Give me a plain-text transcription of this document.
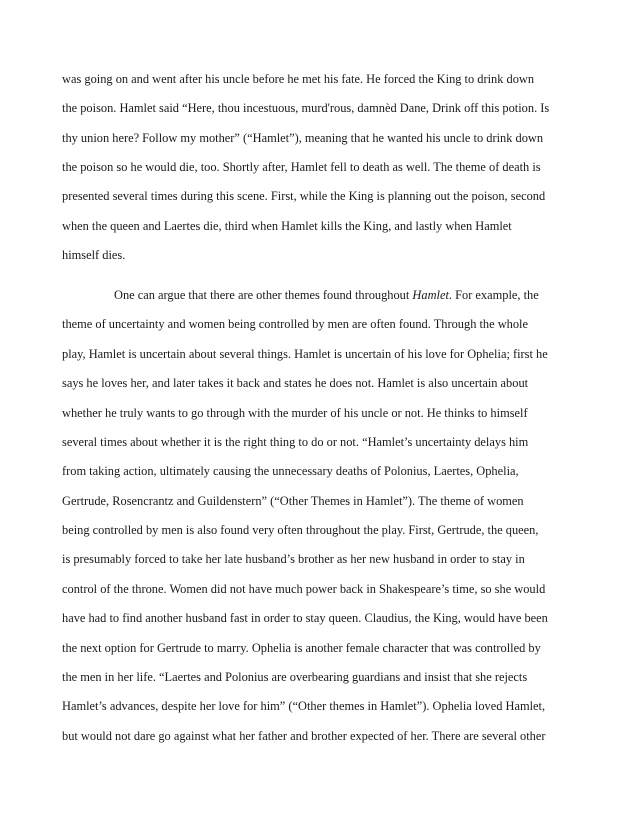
was going on and went after his uncle before he met his fate. He forced the King to drink down
the poison. Hamlet said “Here, thou incestuous, murd'rous, damnèd Dane, Drink off this potion. Is
thy union here? Follow my mother” (“Hamlet”), meaning that he wanted his uncle to drink down
the poison so he would die, too. Shortly after, Hamlet fell to death as well. The theme of death is
presented several times during this scene. First, while the King is planning out the poison, second
when the queen and Laertes die, third when Hamlet kills the King, and lastly when Hamlet
himself dies.
One can argue that there are other themes found throughout Hamlet. For example, the
theme of uncertainty and women being controlled by men are often found. Through the whole
play, Hamlet is uncertain about several things. Hamlet is uncertain of his love for Ophelia; first he
says he loves her, and later takes it back and states he does not. Hamlet is also uncertain about
whether he truly wants to go through with the murder of his uncle or not. He thinks to himself
several times about whether it is the right thing to do or not. “Hamlet’s uncertainty delays him
from taking action, ultimately causing the unnecessary deaths of Polonius, Laertes, Ophelia,
Gertrude, Rosencrantz and Guildenstern” (“Other Themes in Hamlet”). The theme of women
being controlled by men is also found very often throughout the play. First, Gertrude, the queen,
is presumably forced to take her late husband’s brother as her new husband in order to stay in
control of the throne. Women did not have much power back in Shakespeare’s time, so she would
have had to find another husband fast in order to stay queen. Claudius, the King, would have been
the next option for Gertrude to marry. Ophelia is another female character that was controlled by
the men in her life. “Laertes and Polonius are overbearing guardians and insist that she rejects
Hamlet’s advances, despite her love for him” (“Other themes in Hamlet”). Ophelia loved Hamlet,
but would not dare go against what her father and brother expected of her. There are several other
